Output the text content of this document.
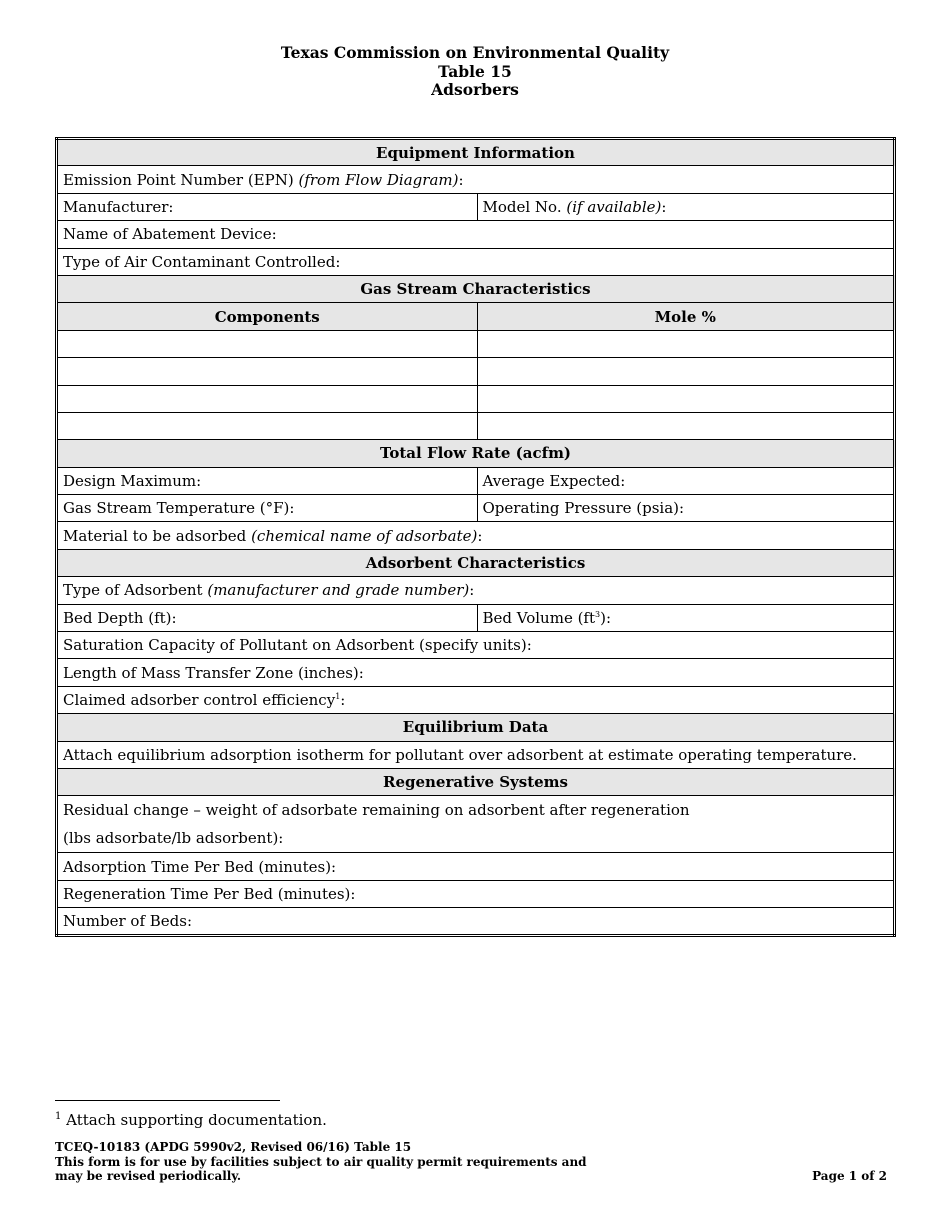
Texas Commission on Environmental Quality
Table 15
Adsorbers
Equipment Information	
Emission Point Number (EPN) (from Flow Diagram):	
Manufacturer:	Model No. (if available):
Name of Abatement Device:	
Type of Air Contaminant Controlled:	
Gas Stream Characteristics	
Components	Mole %

Total Flow Rate (acfm)	
Design Maximum:	Average Expected:
Gas Stream Temperature (°F):	Operating Pressure (psia):
Material to be adsorbed (chemical name of adsorbate):	
Adsorbent Characteristics	
Type of Adsorbent (manufacturer and grade number):	
Bed Depth (ft):	Bed Volume $(ft^3)$:
Saturation Capacity of Pollutant on Adsorbent (specify units):	
Length of Mass Transfer Zone (inches):	
Claimed adsorber control efficiency$^1$:	
Equilibrium Data	
Attach equilibrium adsorption isotherm for pollutant over adsorbent at estimate operating temperature.	
Regenerative Systems	

Residual change – weight of adsorbate remaining on adsorbent after regeneration
(lbs adsorbate/lb adsorbent):	

Adsorption Time Per Bed (minutes):	
Regeneration Time Per Bed (minutes):	
Number of Beds:	
$^1$ Attach supporting documentation.
TCEQ-10183 (APDG 5990v2, Revised 06/16) Table 15
This form is for use by facilities subject to air quality permit requirements and
may be revised periodically.	Page 1 of 2
